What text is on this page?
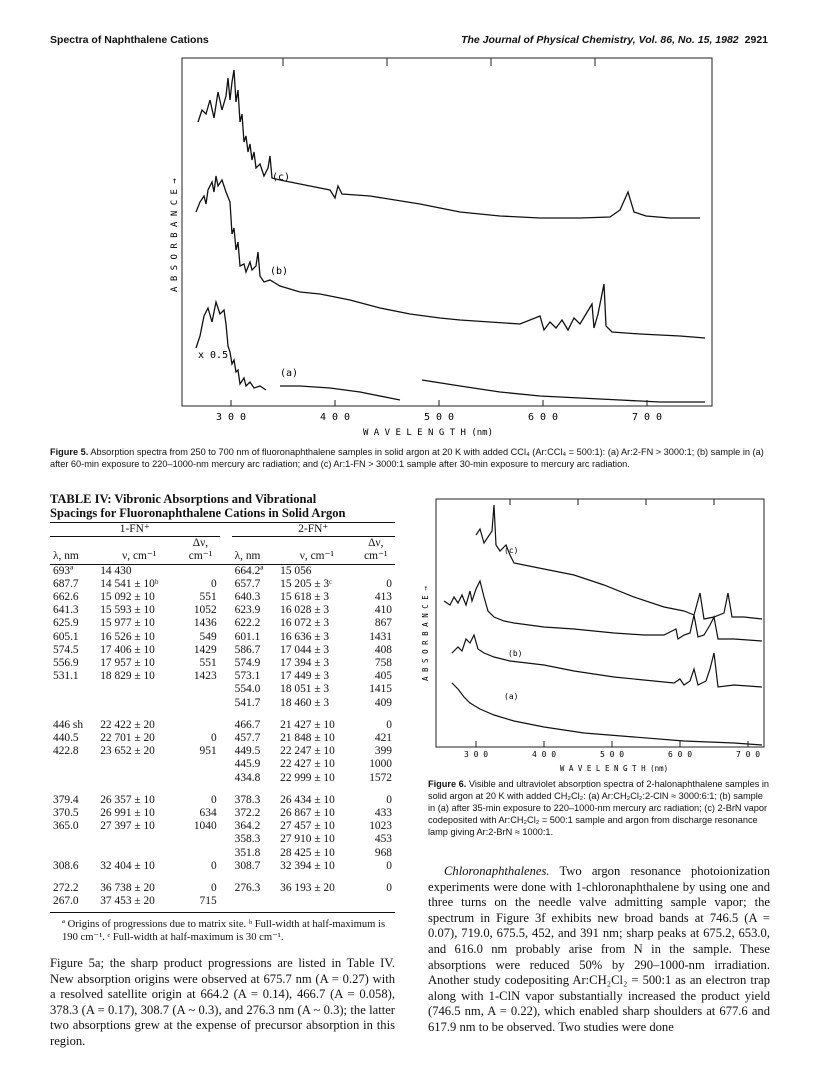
Spectra of Naphthalene Cations	The Journal of Physical Chemistry, Vol. 86, No. 15, 1982 2921
(c)
(b)
(a)
x 0.5
A B S O R B A N C E →
3 0 0	4 0 0	5 0 0	6 0 0	7 0 0
W A V E L E N G T H (nm)
Figure 5. Absorption spectra from 250 to 700 nm of fluoronaphthalene samples in solid argon at 20 K with added CCl₄ (Ar:CCl₄ = 500:1): (a) Ar:2-FN > 3000:1; (b) sample in (a) after 60-min exposure to 220–1000-nm mercury arc radiation; and (c) Ar:1-FN > 3000:1 sample after 30-min exposure to mercury arc radiation.
TABLE IV: Vibronic Absorptions and Vibrational
Spacings for Fluoronaphthalene Cations in Solid Argon
1-FN⁺				2-FN⁺		
		Δν,				Δν,
λ, nm	ν, cm⁻¹	cm⁻¹		λ, nm	ν, cm⁻¹	cm⁻¹
693ª	14 430			664.2ª	15 056	
687.7	14 541 ± 10ᵇ	0		657.7	15 205 ± 3ᶜ	0
662.6	15 092 ± 10	551		640.3	15 618 ± 3	413
641.3	15 593 ± 10	1052		623.9	16 028 ± 3	410
625.9	15 977 ± 10	1436		622.2	16 072 ± 3	867
605.1	16 526 ± 10	549		601.1	16 636 ± 3	1431
574.5	17 406 ± 10	1429		586.7	17 044 ± 3	408
556.9	17 957 ± 10	551		574.9	17 394 ± 3	758
531.1	18 829 ± 10	1423		573.1	17 449 ± 3	405
				554.0	18 051 ± 3	1415
				541.7	18 460 ± 3	409
446 sh	22 422 ± 20			466.7	21 427 ± 10	0
440.5	22 701 ± 20	0		457.7	21 848 ± 10	421
422.8	23 652 ± 20	951		449.5	22 247 ± 10	399
				445.9	22 427 ± 10	1000
				434.8	22 999 ± 10	1572
379.4	26 357 ± 10	0		378.3	26 434 ± 10	0
370.5	26 991 ± 10	634		372.2	26 867 ± 10	433
365.0	27 397 ± 10	1040		364.2	27 457 ± 10	1023
				358.3	27 910 ± 10	453
				351.8	28 425 ± 10	968
308.6	32 404 ± 10	0		308.7	32 394 ± 10	0
272.2	36 738 ± 20	0		276.3	36 193 ± 20	0
267.0	37 453 ± 20	715				
ª Origins of progressions due to matrix site. ᵇ Full-width at half-maximum is 190 cm⁻¹. ᶜ Full-width at half-maximum is 30 cm⁻¹.
Figure 5a; the sharp product progressions are listed in Table IV. New absorption origins were observed at 675.7 nm (A = 0.27) with a resolved satellite origin at 664.2 (A = 0.14), 466.7 (A = 0.058), 378.3 (A = 0.17), 308.7 (A ~ 0.3), and 276.3 nm (A ~ 0.3); the latter two absorptions grew at the expense of precursor absorption in this region.
(c)
(b)
(a)
A B S O R B A N C E →
3 0 0	4 0 0	5 0 0	6 0 0	7 0 0
W A V E L E N G T H (nm)
Figure 6. Visible and ultraviolet absorption spectra of 2-halonaphthalene samples in solid argon at 20 K with added CH₂Cl₂: (a) Ar:CH₂Cl₂:2-ClN ≈ 3000:6:1; (b) sample in (a) after 35-min exposure to 220–1000-nm mercury arc radiation; (c) 2-BrN vapor codeposited with Ar:CH₂Cl₂ = 500:1 sample and argon from discharge resonance lamp giving Ar:2-BrN ≈ 1000:1.
Chloronaphthalenes. Two argon resonance photoionization experiments were done with 1-chloronaphthalene by using one and three turns on the needle valve admitting sample vapor; the spectrum in Figure 3f exhibits new broad bands at 746.5 (A = 0.07), 719.0, 675.5, 452, and 391 nm; sharp peaks at 675.2, 653.0, and 616.0 nm probably arise from N in the sample. These absorptions were reduced 50% by 290–1000-nm irradiation. Another study codepositing Ar:CH₂Cl₂ = 500:1 as an electron trap along with 1-ClN vapor substantially increased the product yield (746.5 nm, A = 0.22), which enabled sharp shoulders at 677.6 and 617.9 nm to be observed. Two studies were done
